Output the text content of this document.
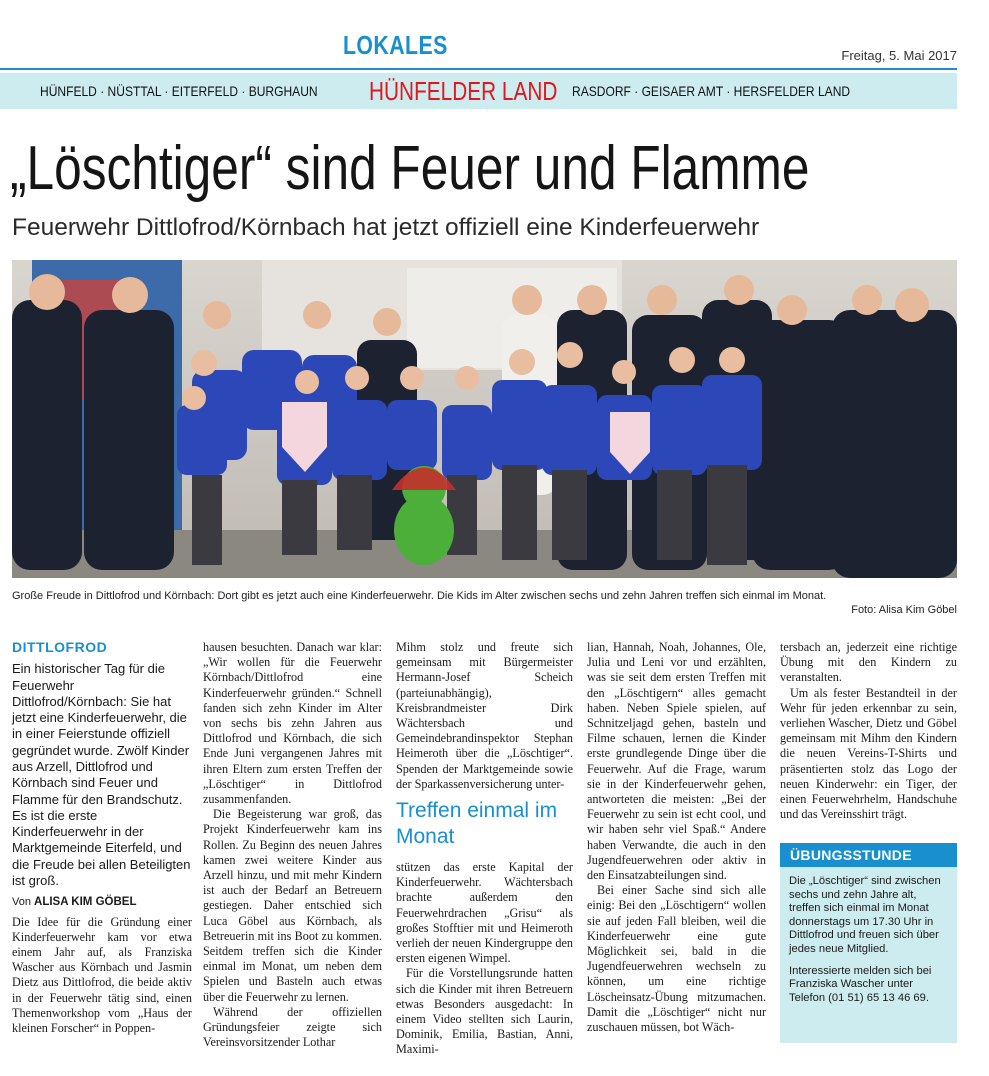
LOKALES	Freitag, 5. Mai 2017
HÜNFELD · NÜSTTAL · EITERFELD · BURGHAUN HÜNFELDER LAND RASDORF · GEISAER AMT · HERSFELDER LAND
„Löschtiger“ sind Feuer und Flamme
Feuerwehr Dittlofrod/Körnbach hat jetzt offiziell eine Kinderfeuerwehr
Große Freude in Dittlofrod und Körnbach: Dort gibt es jetzt auch eine Kinderfeuerwehr. Die Kids im Alter zwischen sechs und zehn Jahren treffen sich einmal im Monat.
Foto: Alisa Kim Göbel
DITTLOFROD
Ein historischer Tag für die Feuerwehr Dittlofrod/Körnbach: Sie hat jetzt eine Kinderfeuerwehr, die in einer Feierstunde offiziell gegründet wurde. Zwölf Kinder aus Arzell, Dittlofrod und Körnbach sind Feuer und Flamme für den Brandschutz. Es ist die erste Kinderfeuerwehr in der Marktgemeinde Eiterfeld, und die Freude bei allen Beteiligten ist groß.
Von ALISA KIM GÖBEL

Die Idee für die Gründung einer Kinderfeuerwehr kam vor etwa einem Jahr auf, als Franziska Wascher aus Körnbach und Jasmin Dietz aus Dittlofrod, die beide aktiv in der Feuerwehr tätig sind, einen Themenworkshop vom „Haus der kleinen Forscher“ in Poppen-

hausen besuchten. Danach war klar: „Wir wollen für die Feuerwehr Körnbach/Dittlofrod eine Kinderfeuerwehr gründen.“ Schnell fanden sich zehn Kinder im Alter von sechs bis zehn Jahren aus Dittlofrod und Körnbach, die sich Ende Juni vergangenen Jahres mit ihren Eltern zum ersten Treffen der „Löschtiger“ in Dittlofrod zusammenfanden.

Die Begeisterung war groß, das Projekt Kinderfeuerwehr kam ins Rollen. Zu Beginn des neuen Jahres kamen zwei weitere Kinder aus Arzell hinzu, und mit mehr Kindern ist auch der Bedarf an Betreuern gestiegen. Daher entschied sich Luca Göbel aus Körnbach, als Betreuerin mit ins Boot zu kommen. Seitdem treffen sich die Kinder einmal im Monat, um neben dem Spielen und Basteln auch etwas über die Feuerwehr zu lernen.

Während der offiziellen Gründungsfeier zeigte sich Vereinsvorsitzender Lothar

Mihm stolz und freute sich gemeinsam mit Bürgermeister Hermann-Josef Scheich (parteiunabhängig), Kreisbrandmeister Dirk Wächtersbach und Gemeindebrandinspektor Stephan Heimeroth über die „Löschtiger“. Spenden der Marktgemeinde sowie der Sparkassenversicherung unter-

Treffen einmal im Monat

stützen das erste Kapital der Kinderfeuerwehr. Wächtersbach brachte außerdem den Feuerwehrdrachen „Grisu“ als großes Stofftier mit und Heimeroth verlieh der neuen Kindergruppe den ersten eigenen Wimpel.

Für die Vorstellungsrunde hatten sich die Kinder mit ihren Betreuern etwas Besonders ausgedacht: In einem Video stellten sich Laurin, Dominik, Emilia, Bastian, Anni, Maximi-

lian, Hannah, Noah, Johannes, Ole, Julia und Leni vor und erzählten, was sie seit dem ersten Treffen mit den „Löschtigern“ alles gemacht haben. Neben Spiele spielen, auf Schnitzeljagd gehen, basteln und Filme schauen, lernen die Kinder erste grundlegende Dinge über die Feuerwehr. Auf die Frage, warum sie in der Kinderfeuerwehr gehen, antworteten die meisten: „Bei der Feuerwehr zu sein ist echt cool, und wir haben sehr viel Spaß.“ Andere haben Verwandte, die auch in den Jugendfeuerwehren oder aktiv in den Einsatzabteilungen sind.

Bei einer Sache sind sich alle einig: Bei den „Löschtigern“ wollen sie auf jeden Fall bleiben, weil die Kinderfeuerwehr eine gute Möglichkeit sei, bald in die Jugendfeuerwehren wechseln zu können, um eine richtige Löscheinsatz-Übung mitzumachen. Damit die „Löschtiger“ nicht nur zuschauen müssen, bot Wäch-

tersbach an, jederzeit eine richtige Übung mit den Kindern zu veranstalten.

Um als fester Bestandteil in der Wehr für jeden erkennbar zu sein, verliehen Wascher, Dietz und Göbel gemeinsam mit Mihm den Kindern die neuen Vereins-T-Shirts und präsentierten stolz das Logo der neuen Kinderwehr: ein Tiger, der einen Feuerwehrhelm, Handschuhe und das Vereinsshirt trägt.

ÜBUNGSSTUNDE

Die „Löschtiger“ sind zwischen sechs und zehn Jahre alt, treffen sich einmal im Monat donnerstags um 17.30 Uhr in Dittlofrod und freuen sich über jedes neue Mitglied.

Interessierte melden sich bei Franziska Wascher unter Telefon (01 51) 65 13 46 69.
